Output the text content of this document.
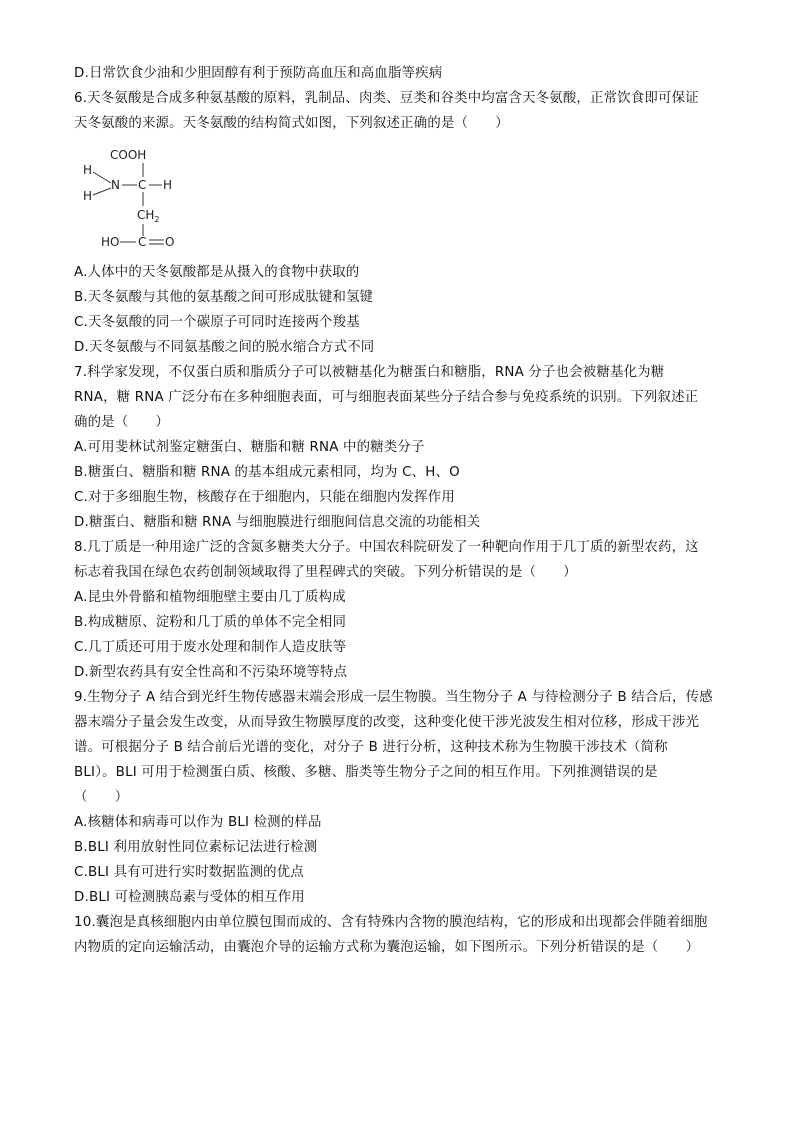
D.日常饮食少油和少胆固醇有利于预防高血压和高血脂等疾病
6.天冬氨酸是合成多种氨基酸的原料，乳制品、肉类、豆类和谷类中均富含天冬氨酸，正常饮食即可保证
天冬氨酸的来源。天冬氨酸的结构简式如图，下列叙述正确的是（　　）
COOH
H
H
N C H
$CH_2$
HO C O
A.人体中的天冬氨酸都是从摄入的食物中获取的
B.天冬氨酸与其他的氨基酸之间可形成肽键和氢键
C.天冬氨酸的同一个碳原子可同时连接两个羧基
D.天冬氨酸与不同氨基酸之间的脱水缩合方式不同
7.科学家发现，不仅蛋白质和脂质分子可以被糖基化为糖蛋白和糖脂，RNA 分子也会被糖基化为糖
RNA，糖 RNA 广泛分布在多种细胞表面，可与细胞表面某些分子结合参与免疫系统的识别。下列叙述正
确的是（　　）
A.可用斐林试剂鉴定糖蛋白、糖脂和糖 RNA 中的糖类分子
B.糖蛋白、糖脂和糖 RNA 的基本组成元素相同，均为 C、H、O
C.对于多细胞生物，核酸存在于细胞内，只能在细胞内发挥作用
D.糖蛋白、糖脂和糖 RNA 与细胞膜进行细胞间信息交流的功能相关
8.几丁质是一种用途广泛的含氮多糖类大分子。中国农科院研发了一种靶向作用于几丁质的新型农药，这
标志着我国在绿色农药创制领域取得了里程碑式的突破。下列分析错误的是（　　）
A.昆虫外骨骼和植物细胞壁主要由几丁质构成
B.构成糖原、淀粉和几丁质的单体不完全相同
C.几丁质还可用于废水处理和制作人造皮肤等
D.新型农药具有安全性高和不污染环境等特点
9.生物分子 A 结合到光纤生物传感器末端会形成一层生物膜。当生物分子 A 与待检测分子 B 结合后，传感
器末端分子量会发生改变，从而导致生物膜厚度的改变，这种变化使干涉光波发生相对位移，形成干涉光
谱。可根据分子 B 结合前后光谱的变化，对分子 B 进行分析，这种技术称为生物膜干涉技术（简称
BLI）。BLI 可用于检测蛋白质、核酸、多糖、脂类等生物分子之间的相互作用。下列推测错误的是
（　　）
A.核糖体和病毒可以作为 BLI 检测的样品
B.BLI 利用放射性同位素标记法进行检测
C.BLI 具有可进行实时数据监测的优点
D.BLI 可检测胰岛素与受体的相互作用
10.囊泡是真核细胞内由单位膜包围而成的、含有特殊内含物的膜泡结构，它的形成和出现都会伴随着细胞
内物质的定向运输活动，由囊泡介导的运输方式称为囊泡运输，如下图所示。下列分析错误的是（　　）
